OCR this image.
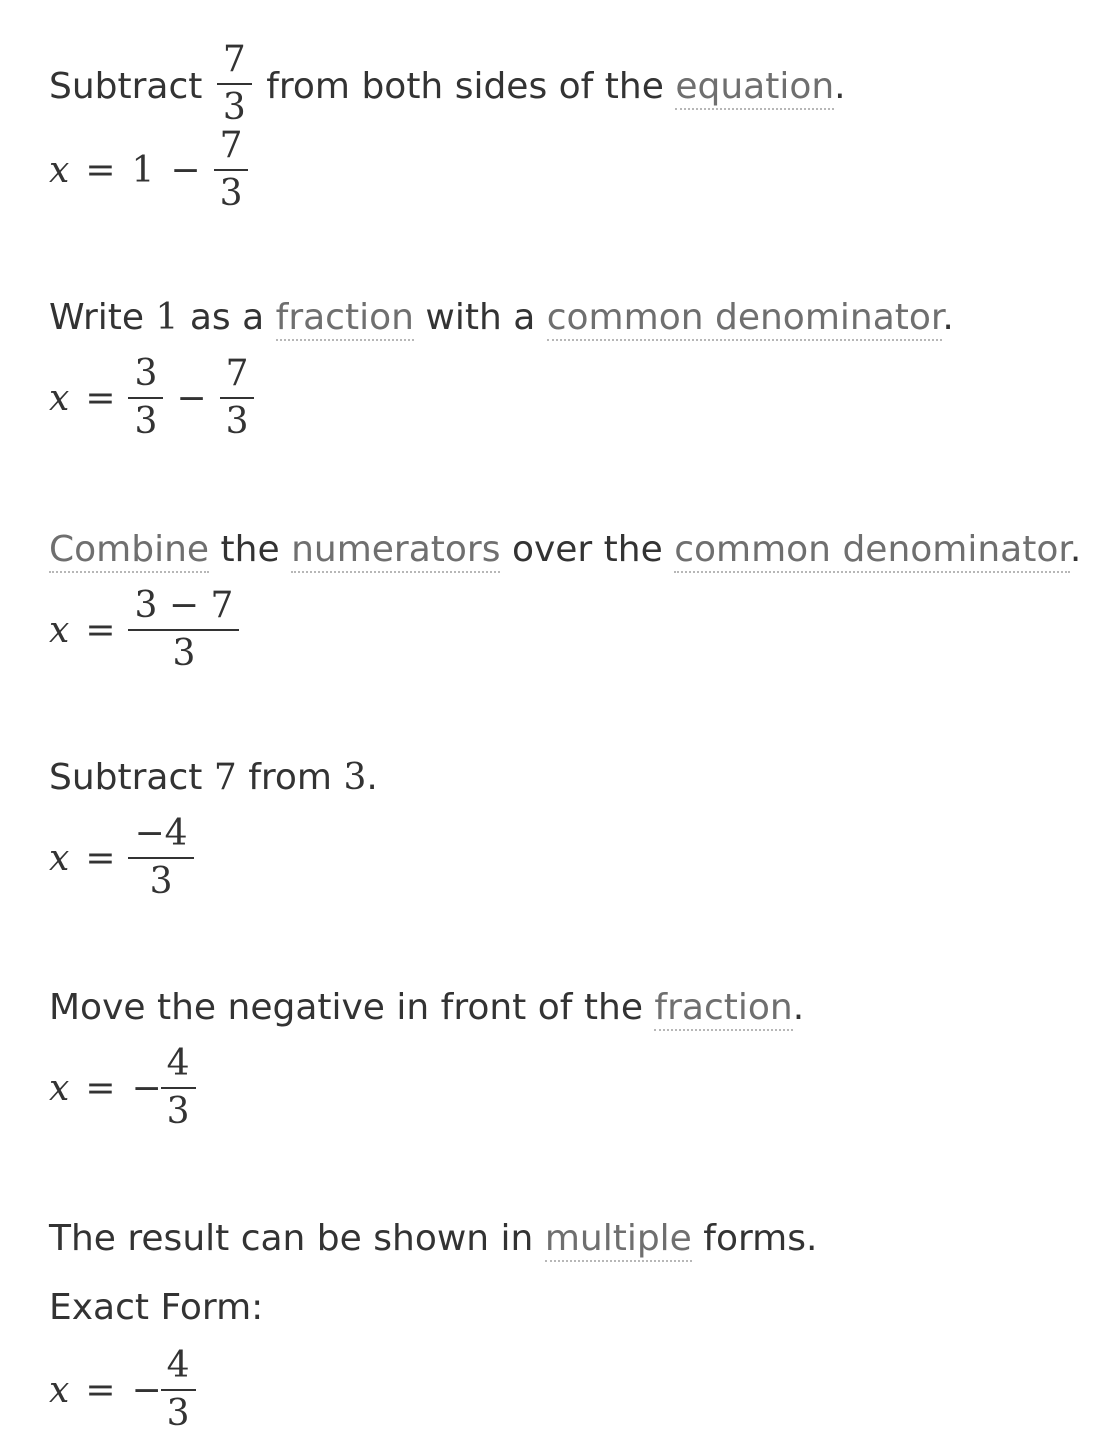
Subtract $\frac{7}{3}$ from both sides of the equation.
$x = 1 - \frac{7}{3}$
Write 1 as a fraction with a common denominator.
$x = \frac{3}{3} - \frac{7}{3}$
Combine the numerators over the common denominator.
$x = \frac{3 - 7}{3}$
Subtract 7 from 3.
$x = \frac{-4}{3}$
Move the negative in front of the fraction.
x = − $\frac{4}{3}$
The result can be shown in multiple forms.
Exact Form:
x = − $\frac{4}{3}$
